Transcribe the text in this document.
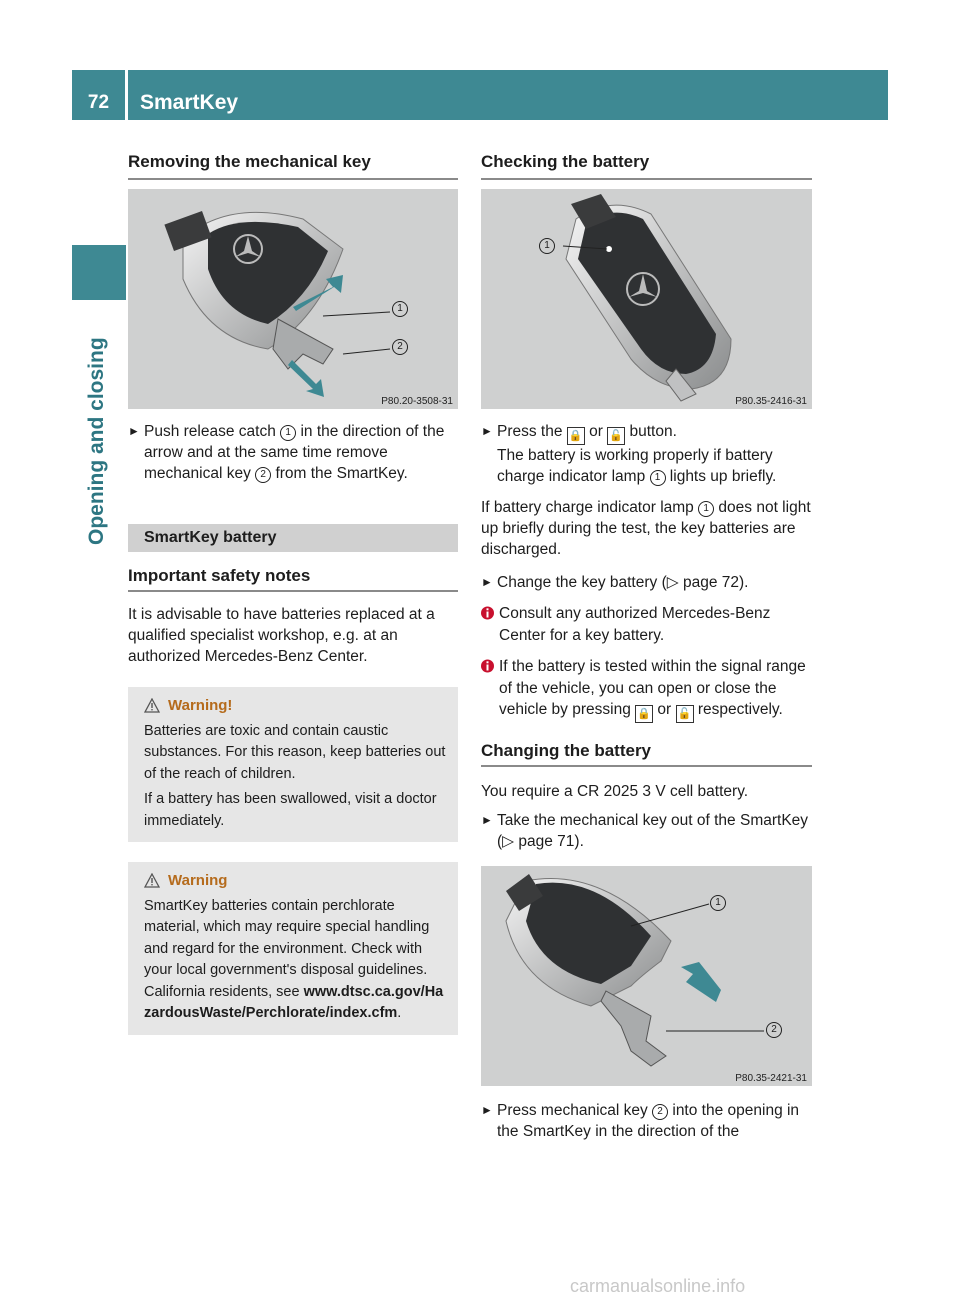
72	SmartKey
Opening and closing
Removing the mechanical key
1
2
P80.20-3508-31
► Push release catch 1 in the direction of the arrow and at the same time remove mechanical key 2 from the SmartKey.
SmartKey battery
Important safety notes

It is advisable to have batteries replaced at a qualified specialist workshop, e.g. at an authorized Mercedes-Benz Center.

Warning!

Batteries are toxic and contain caustic substances. For this reason, keep batteries out of the reach of children.

If a battery has been swallowed, visit a doctor immediately.

Warning

SmartKey batteries contain perchlorate material, which may require special handling and regard for the environment. Check with your local government's disposal guidelines. California residents, see www.dtsc.ca.gov/HazardousWaste/Perchlorate/index.cfm.

Checking the battery
1
P80.35-2416-31
► Press the 🔒 or 🔓 button.
The battery is working properly if battery charge indicator lamp 1 lights up briefly.

If battery charge indicator lamp 1 does not light up briefly during the test, the key batteries are discharged.

► Change the key battery (▷ page 72).
Consult any authorized Mercedes-Benz Center for a key battery.
If the battery is tested within the signal range of the vehicle, you can open or close the vehicle by pressing 🔒 or 🔓 respectively.
Changing the battery

You require a CR 2025 3 V cell battery.

► Take the mechanical key out of the SmartKey (▷ page 71).
1
2
P80.35-2421-31
► Press mechanical key 2 into the opening in the SmartKey in the direction of the
carmanualsonline.info
